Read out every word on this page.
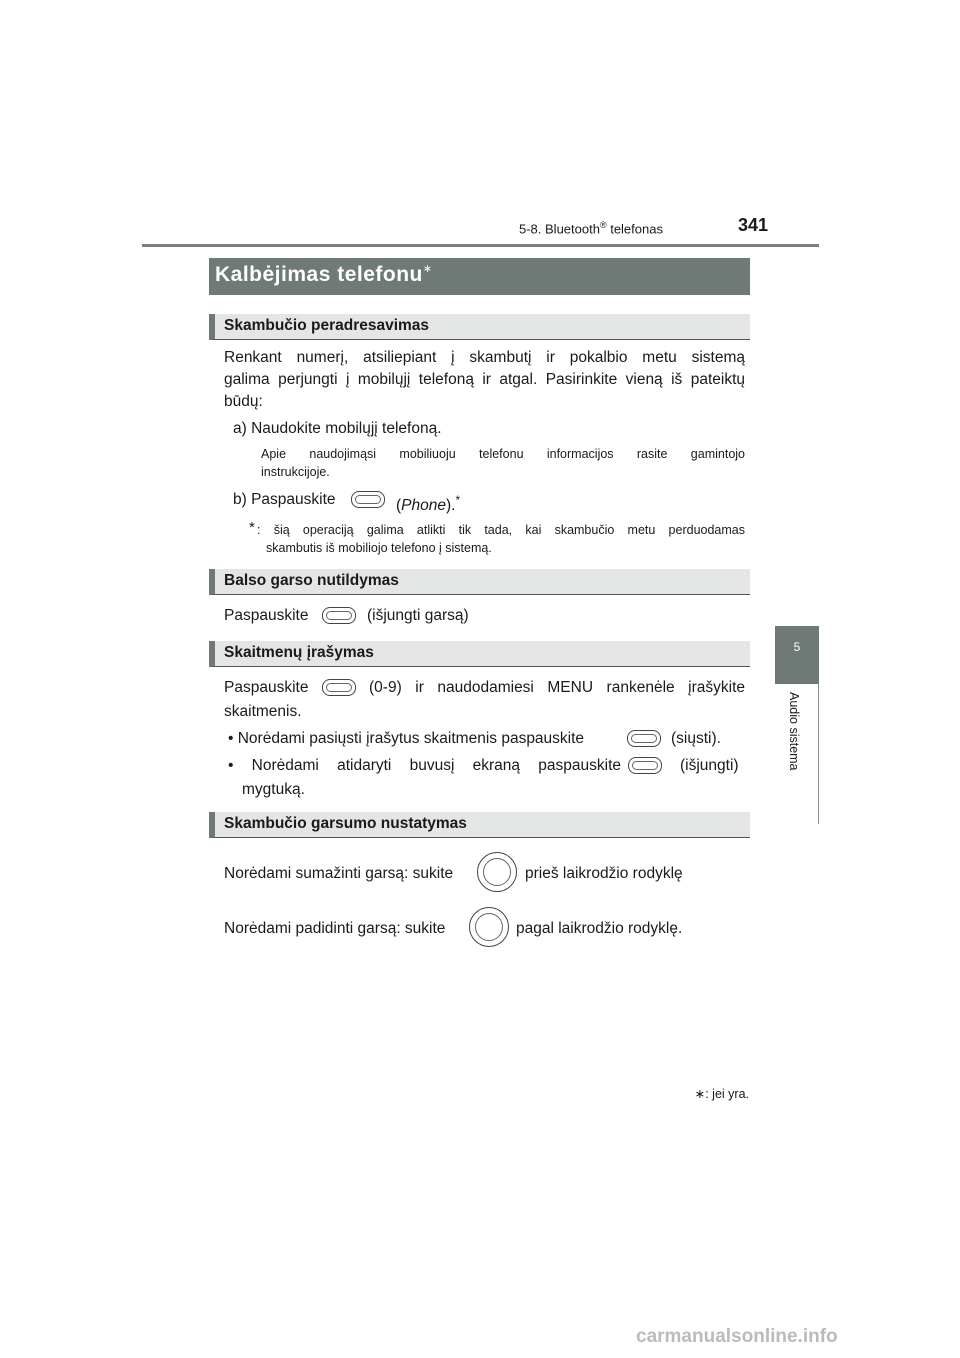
5-8. Bluetooth® telefonas	341
5
Audio sistema
Kalbėjimas telefonu∗
Skambučio peradresavimas
Renkant numerį, atsiliepiant į skambutį ir pokalbio metu sistemą
galima perjungti į mobilųjį telefoną ir atgal. Pasirinkite vieną iš pateiktų
būdų:
a) Naudokite mobilųjį telefoną.
Apie naudojimąsi mobiliuoju telefonu informacijos rasite gamintojo
instrukcijoje.
b) Paspauskite	(Phone).*
* : šią operaciją galima atlikti tik tada, kai skambučio metu perduodamas
skambutis iš mobiliojo telefono į sistemą.
Balso garso nutildymas
Paspauskite	(išjungti garsą)
Skaitmenų įrašymas
Paspauskite	(0-9) ir naudodamiesi MENU rankenėle įrašykite
skaitmenis.
• Norėdami pasiųsti įrašytus skaitmenis paspauskite	(siųsti).
• Norėdami atidaryti buvusį ekraną paspauskite	(išjungti)
mygtuką.
Skambučio garsumo nustatymas
Norėdami sumažinti garsą: sukite	prieš laikrodžio rodyklę
Norėdami padidinti garsą: sukite	pagal laikrodžio rodyklę.
∗: jei yra.
carmanualsonline.info
